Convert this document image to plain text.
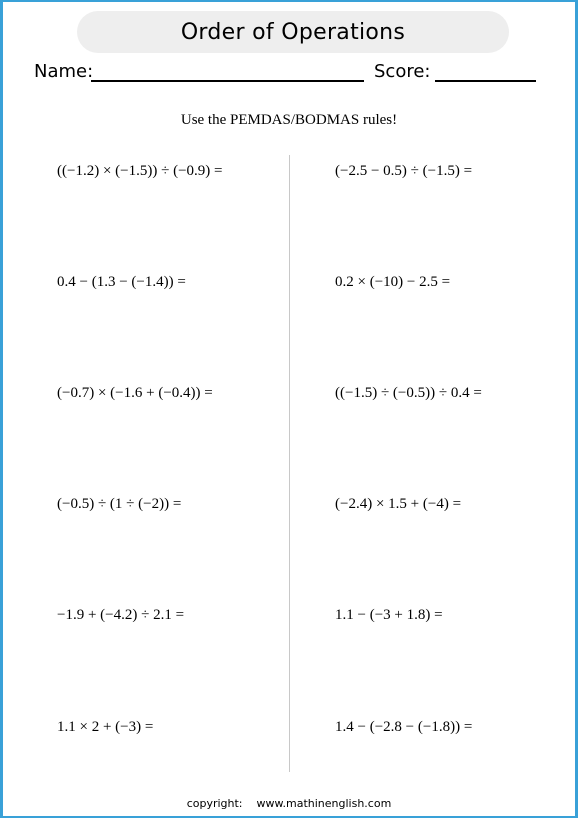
Order of Operations
Name:	Score:
Use the PEMDAS/BODMAS rules!
((−1.2) × (−1.5)) ÷ (−0.9) =
0.4 − (1.3 − (−1.4)) =
(−0.7) × (−1.6 + (−0.4)) =
(−0.5) ÷ (1 ÷ (−2)) =
−1.9 + (−4.2) ÷ 2.1 =
1.1 × 2 + (−3) =
(−2.5 − 0.5) ÷ (−1.5) =
0.2 × (−10) − 2.5 =
((−1.5) ÷ (−0.5)) ÷ 0.4 =
(−2.4) × 1.5 + (−4) =
1.1 − (−3 + 1.8) =
1.4 − (−2.8 − (−1.8)) =
copyright: www.mathinenglish.com
